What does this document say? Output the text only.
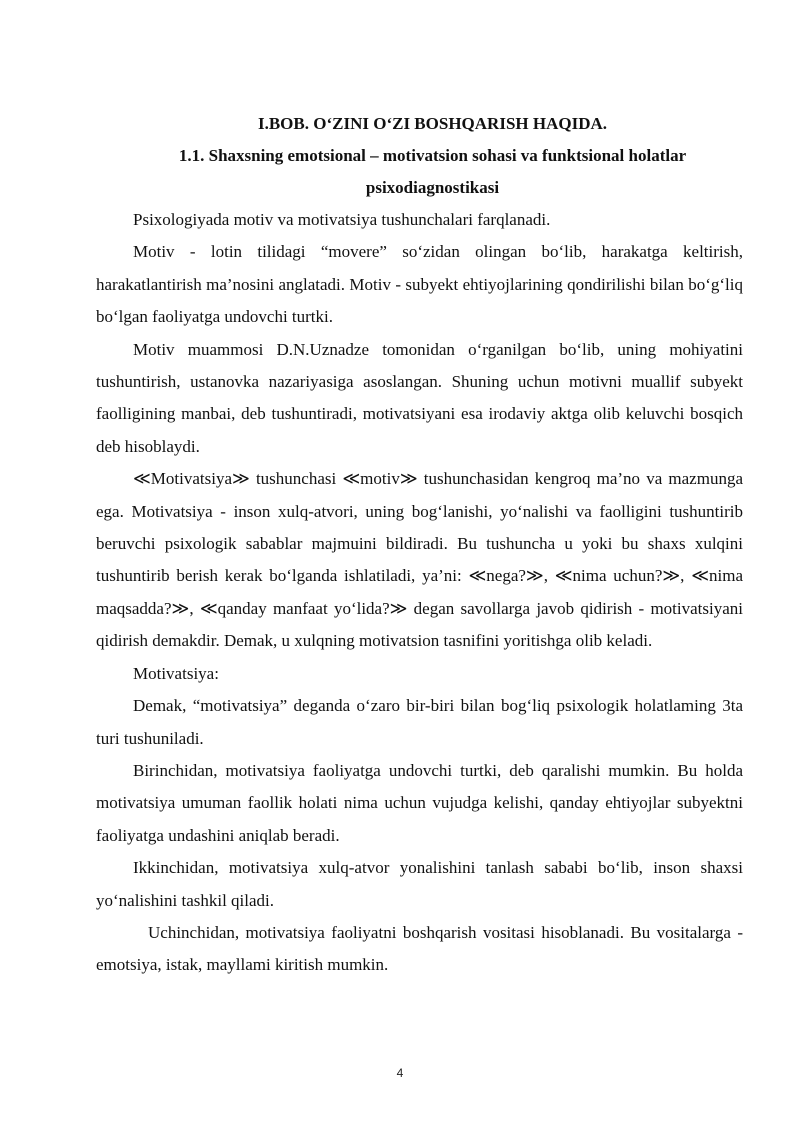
I.BOB. O‘ZINI O‘ZI BOSHQARISH HAQIDA.

1.1. Shaxsning emotsional – motivatsion sohasi va funktsional holatlar psixodiagnostikasi

Psixologiyada motiv va motivatsiya tushunchalari farqlanadi.

Motiv - lotin tilidagi “movere” so‘zidan olingan bo‘lib, harakatga keltirish, harakatlantirish ma’nosini anglatadi. Motiv - subyekt ehtiyojlarining qondirilishi bilan bo‘g‘liq bo‘lgan faoliyatga undovchi turtki.

Motiv muammosi D.N.Uznadze tomonidan o‘rganilgan bo‘lib, uning mohiyatini tushuntirish, ustanovka nazariyasiga asoslangan. Shuning uchun motivni muallif subyekt faolligining manbai, deb tushuntiradi, motivatsiyani esa irodaviy aktga olib keluvchi bosqich deb hisoblaydi.

≪Motivatsiya≫ tushunchasi ≪motiv≫ tushunchasidan kengroq ma’no va mazmunga ega. Motivatsiya - inson xulq-atvori, uning bog‘lanishi, yo‘nalishi va faolligini tushuntirib beruvchi psixologik sabablar majmuini bildiradi. Bu tushuncha u yoki bu shaxs xulqini tushuntirib berish kerak bo‘lganda ishlatiladi, ya’ni: ≪nega?≫, ≪nima uchun?≫, ≪nima maqsadda?≫, ≪qanday manfaat yo‘lida?≫ degan savollarga javob qidirish - motivatsiyani qidirish demakdir. Demak, u xulqning motivatsion tasnifini yoritishga olib keladi.

Motivatsiya:

Demak, “motivatsiya” deganda o‘zaro bir-biri bilan bog‘liq psixologik holatlaming 3ta turi tushuniladi.

Birinchidan, motivatsiya faoliyatga undovchi turtki, deb qaralishi mumkin. Bu holda motivatsiya umuman faollik holati nima uchun vujudga kelishi, qanday ehtiyojlar subyektni faoliyatga undashini aniqlab beradi.

Ikkinchidan, motivatsiya xulq-atvor yonalishini tanlash sababi bo‘lib, inson shaxsi yo‘nalishini tashkil qiladi.

Uchinchidan, motivatsiya faoliyatni boshqarish vositasi hisoblanadi. Bu vositalarga - emotsiya, istak, mayllami kiritish mumkin.

4
